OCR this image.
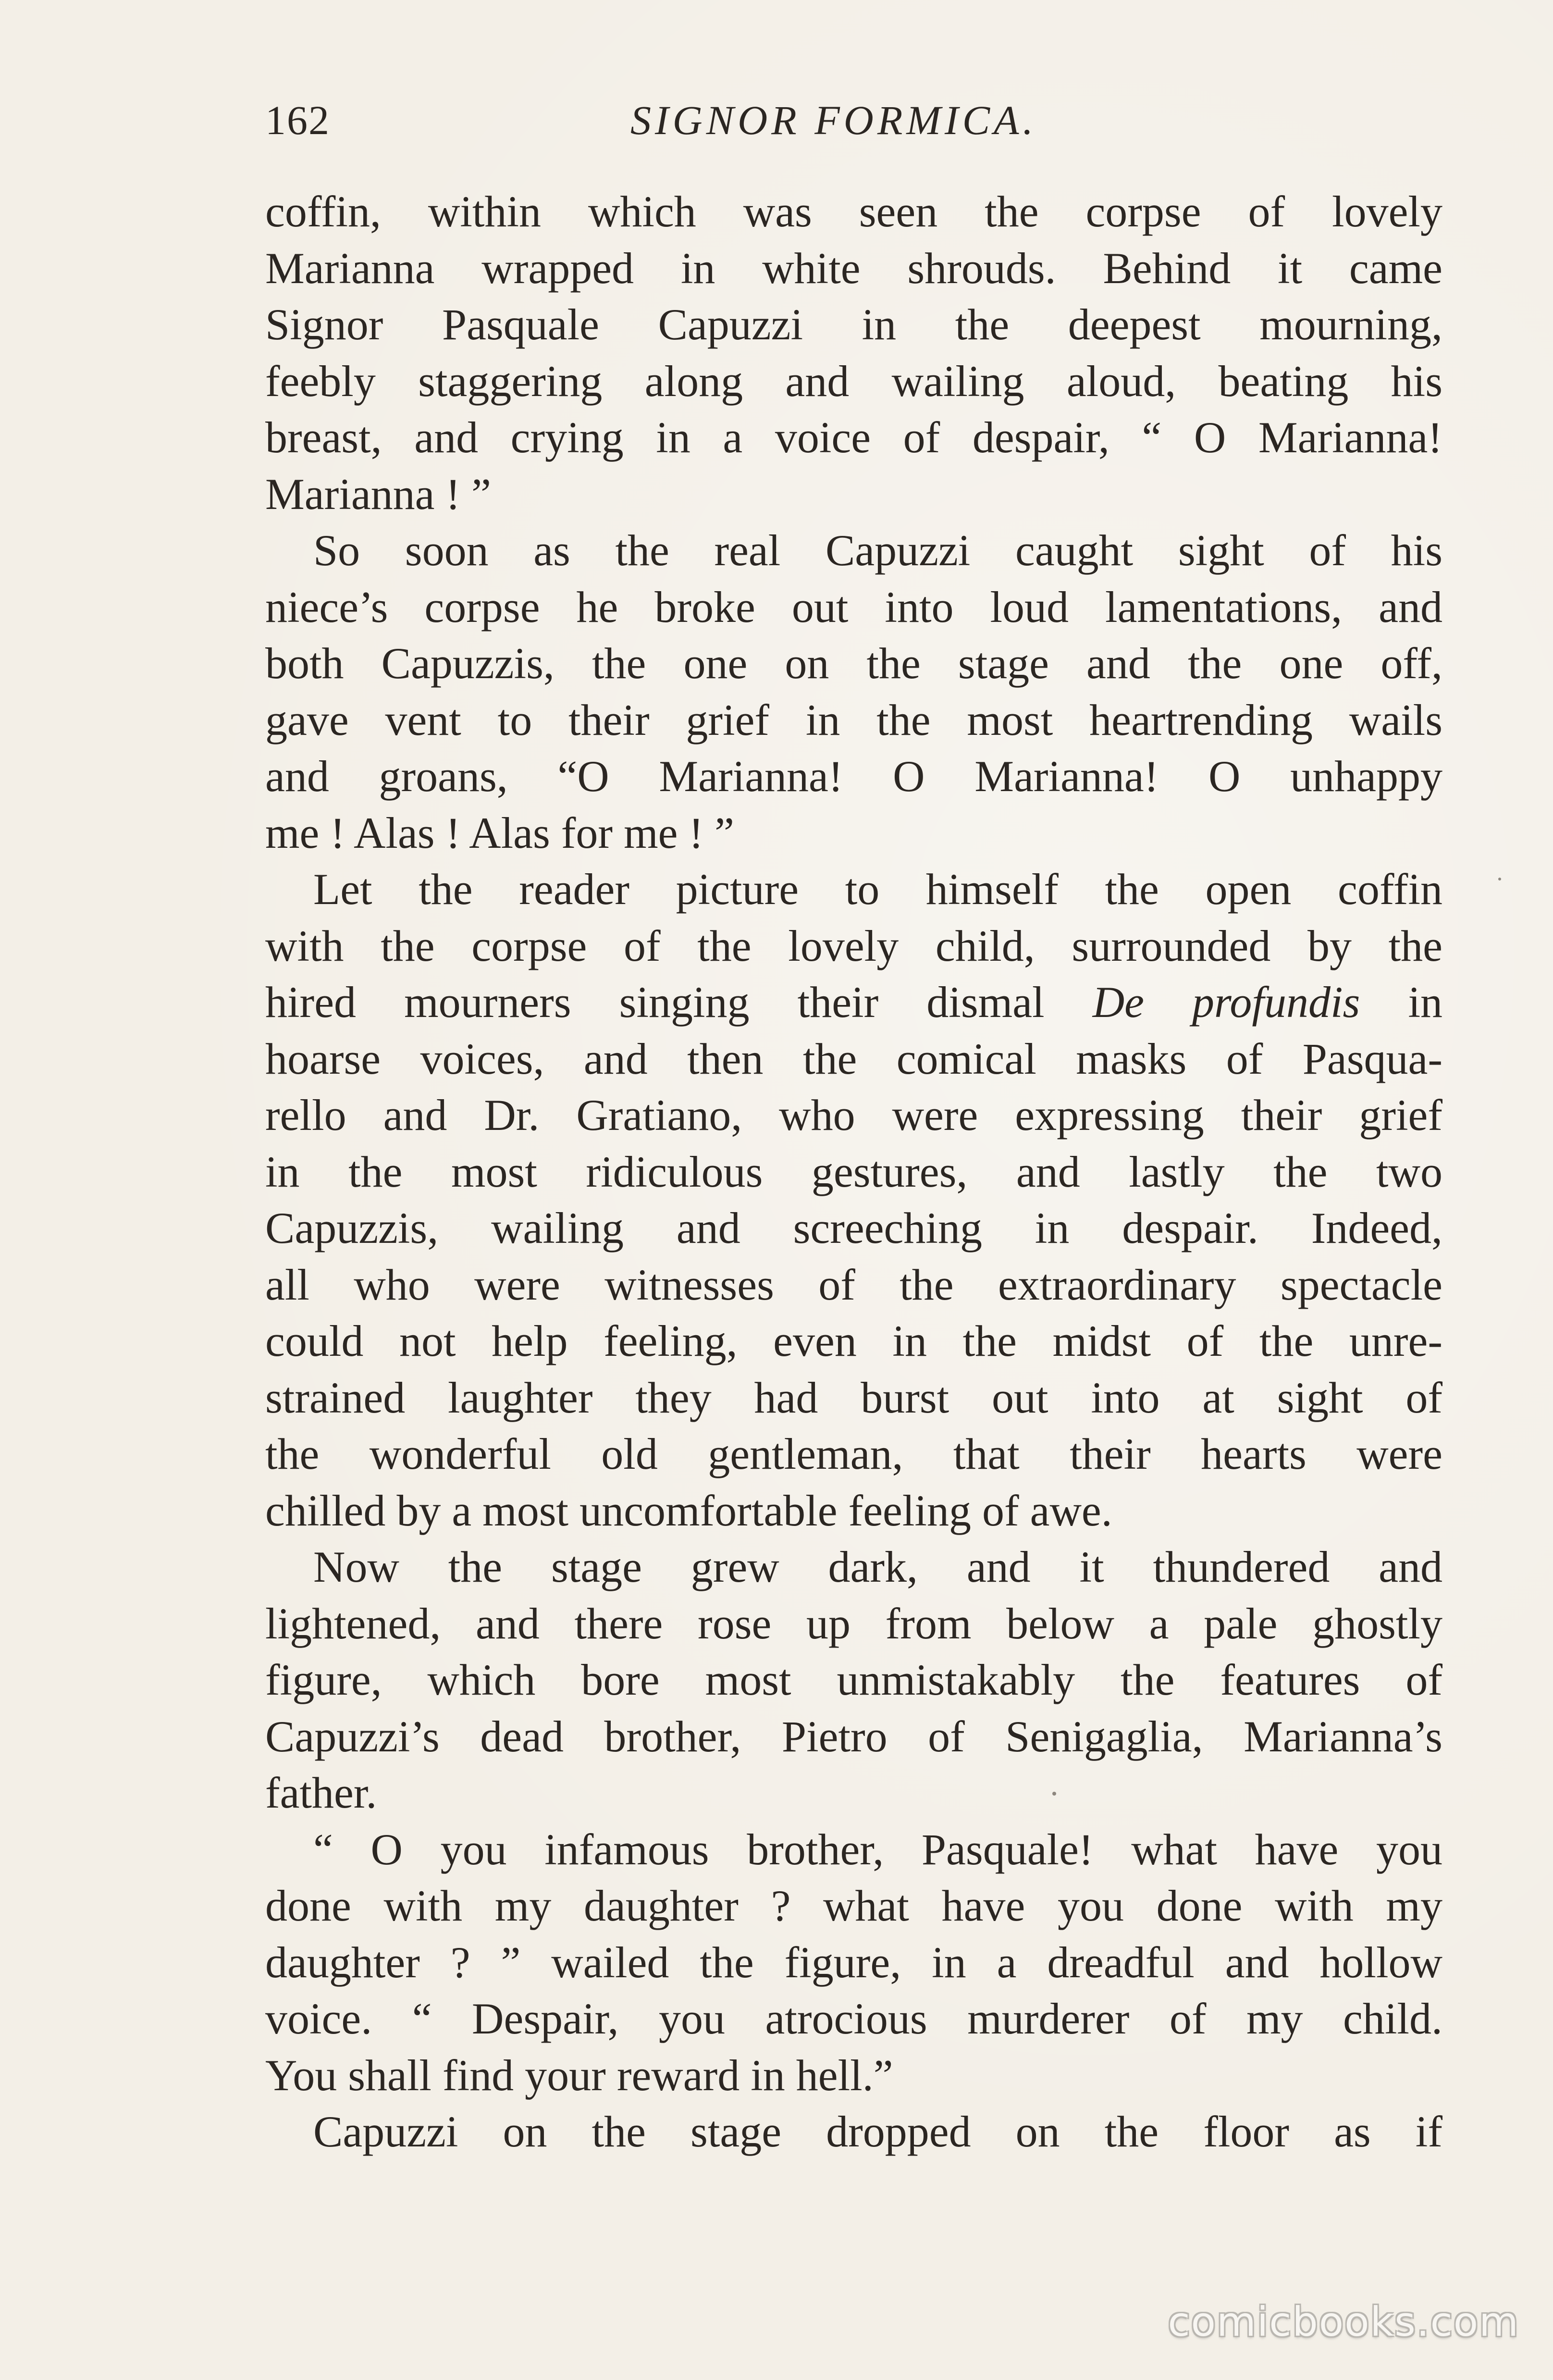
162	SIGNOR FORMICA.

coffin, within which was seen the corpse of lovely
Marianna wrapped in white shrouds. Behind it came
Signor Pasquale Capuzzi in the deepest mourning,
feebly staggering along and wailing aloud, beating his
breast, and crying in a voice of despair, “ O Marianna!
Marianna ! ”

So soon as the real Capuzzi caught sight of his
niece’s corpse he broke out into loud lamentations, and
both Capuzzis, the one on the stage and the one off,
gave vent to their grief in the most heartrending wails
and groans, “O Marianna! O Marianna! O unhappy
me ! Alas ! Alas for me ! ”

Let the reader picture to himself the open coffin
with the corpse of the lovely child, surrounded by the
hired mourners singing their dismal De profundis in
hoarse voices, and then the comical masks of Pasqua-
rello and Dr. Gratiano, who were expressing their grief
in the most ridiculous gestures, and lastly the two
Capuzzis, wailing and screeching in despair. Indeed,
all who were witnesses of the extraordinary spectacle
could not help feeling, even in the midst of the unre-
strained laughter they had burst out into at sight of
the wonderful old gentleman, that their hearts were
chilled by a most uncomfortable feeling of awe.

Now the stage grew dark, and it thundered and
lightened, and there rose up from below a pale ghostly
figure, which bore most unmistakably the features of
Capuzzi’s dead brother, Pietro of Senigaglia, Marianna’s
father.

“ O you infamous brother, Pasquale! what have you
done with my daughter ? what have you done with my
daughter ? ” wailed the figure, in a dreadful and hollow
voice. “ Despair, you atrocious murderer of my child.
You shall find your reward in hell.”

Capuzzi on the stage dropped on the floor as if

comicbooks.com
